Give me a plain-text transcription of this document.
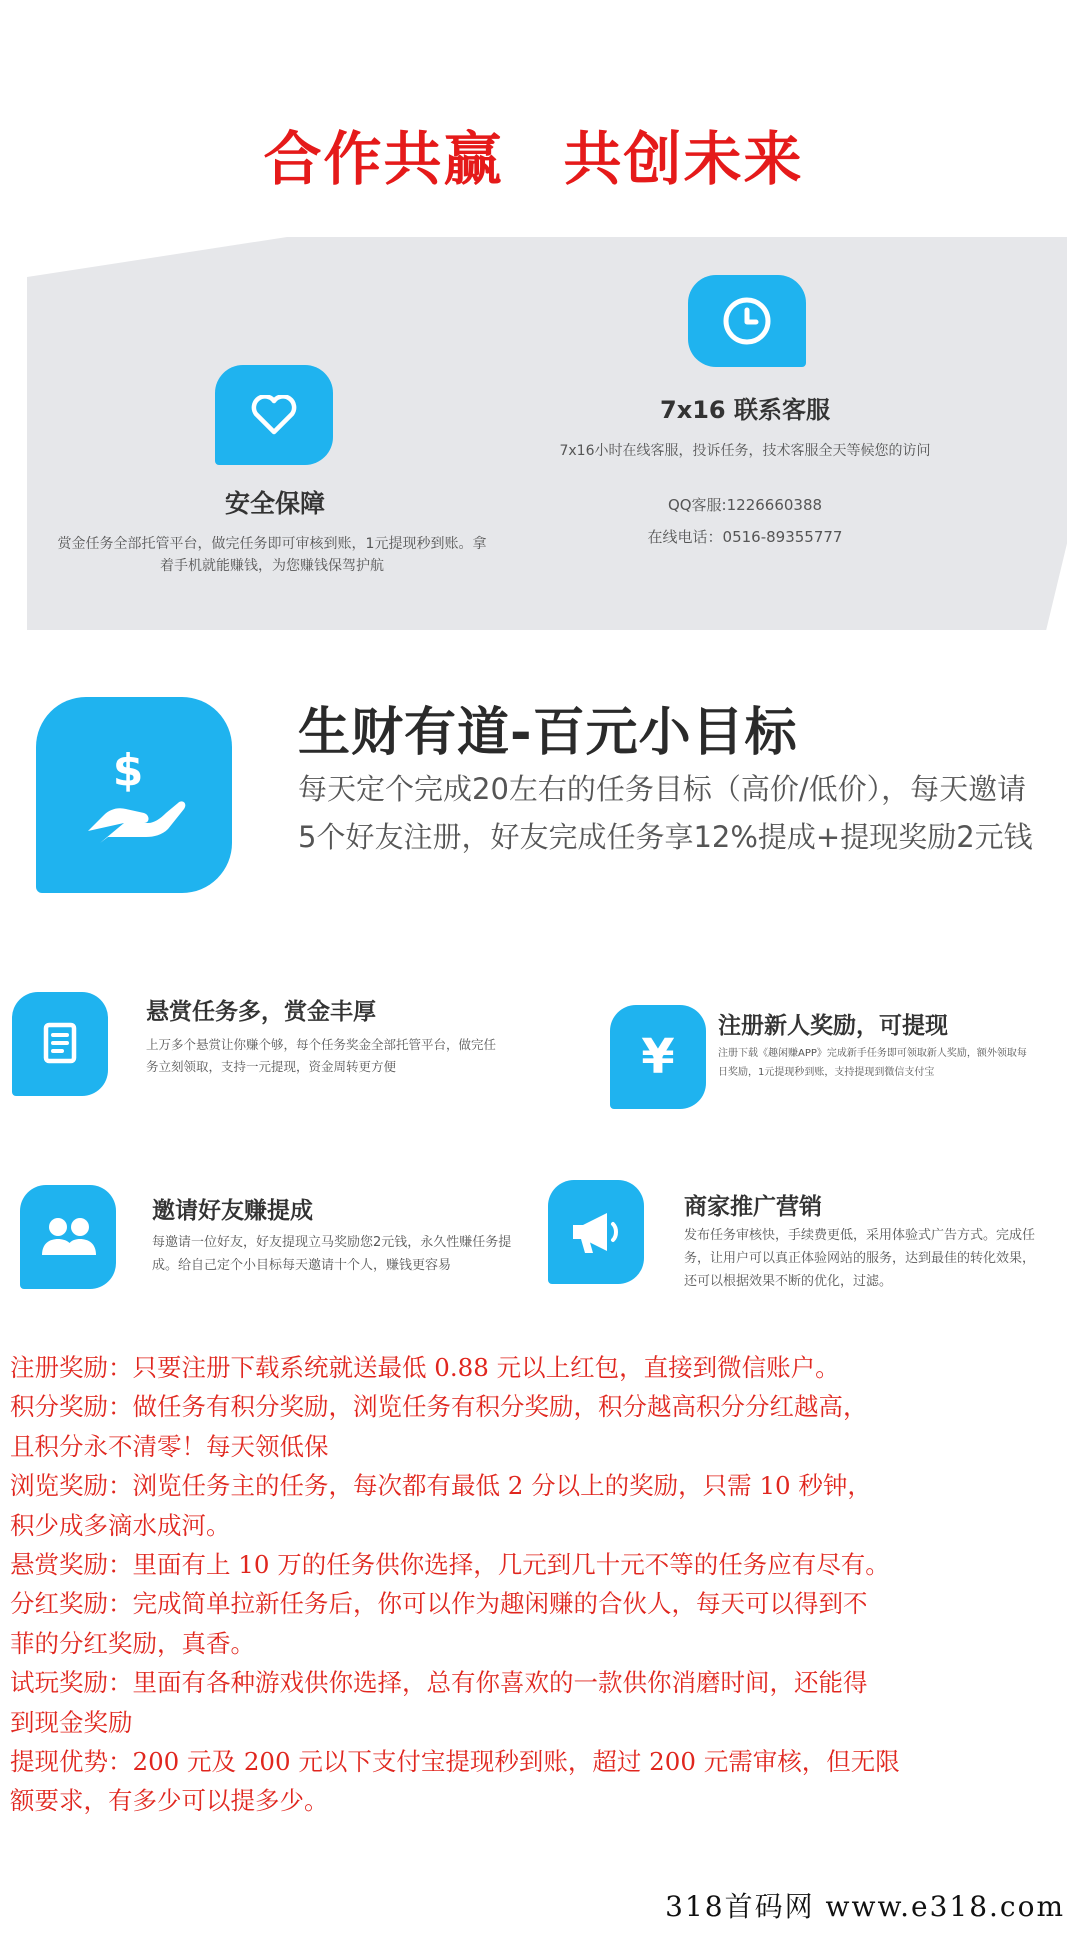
合作共赢 共创未来
安全保障
赏金任务全部托管平台，做完任务即可审核到账，1元提现秒到账。拿着手机就能赚钱，为您赚钱保驾护航
7x16 联系客服
7x16小时在线客服，投诉任务，技术客服全天等候您的访问
QQ客服:1226660388
在线电话：0516-89355777
$
生财有道-百元小目标
每天定个完成20左右的任务目标（高价/低价），每天邀请5个好友注册，好友完成任务享12%提成+提现奖励2元钱
悬赏任务多，赏金丰厚
上万多个悬赏让你赚个够，每个任务奖金全部托管平台，做完任务立刻领取，支持一元提现，资金周转更方便	¥
注册新人奖励，可提现
注册下载《趣闲赚APP》完成新手任务即可领取新人奖励，额外领取每日奖励，1元提现秒到账，支持提现到微信支付宝
邀请好友赚提成
每邀请一位好友，好友提现立马奖励您2元钱，永久性赚任务提成。给自己定个小目标每天邀请十个人，赚钱更容易
商家推广营销
发布任务审核快，手续费更低，采用体验式广告方式。完成任务，让用户可以真正体验网站的服务，达到最佳的转化效果，还可以根据效果不断的优化，过滤。
注册奖励：只要注册下载系统就送最低 0.88 元以上红包，直接到微信账户。
积分奖励：做任务有积分奖励，浏览任务有积分奖励，积分越高积分分红越高，
且积分永不清零！每天领低保
浏览奖励：浏览任务主的任务，每次都有最低 2 分以上的奖励，只需 10 秒钟，
积少成多滴水成河。
悬赏奖励：里面有上 10 万的任务供你选择，几元到几十元不等的任务应有尽有。
分红奖励：完成简单拉新任务后，你可以作为趣闲赚的合伙人，每天可以得到不
菲的分红奖励，真香。
试玩奖励：里面有各种游戏供你选择，总有你喜欢的一款供你消磨时间，还能得
到现金奖励
提现优势：200 元及 200 元以下支付宝提现秒到账，超过 200 元需审核，但无限
额要求，有多少可以提多少。
318首码网 www.e318.com
